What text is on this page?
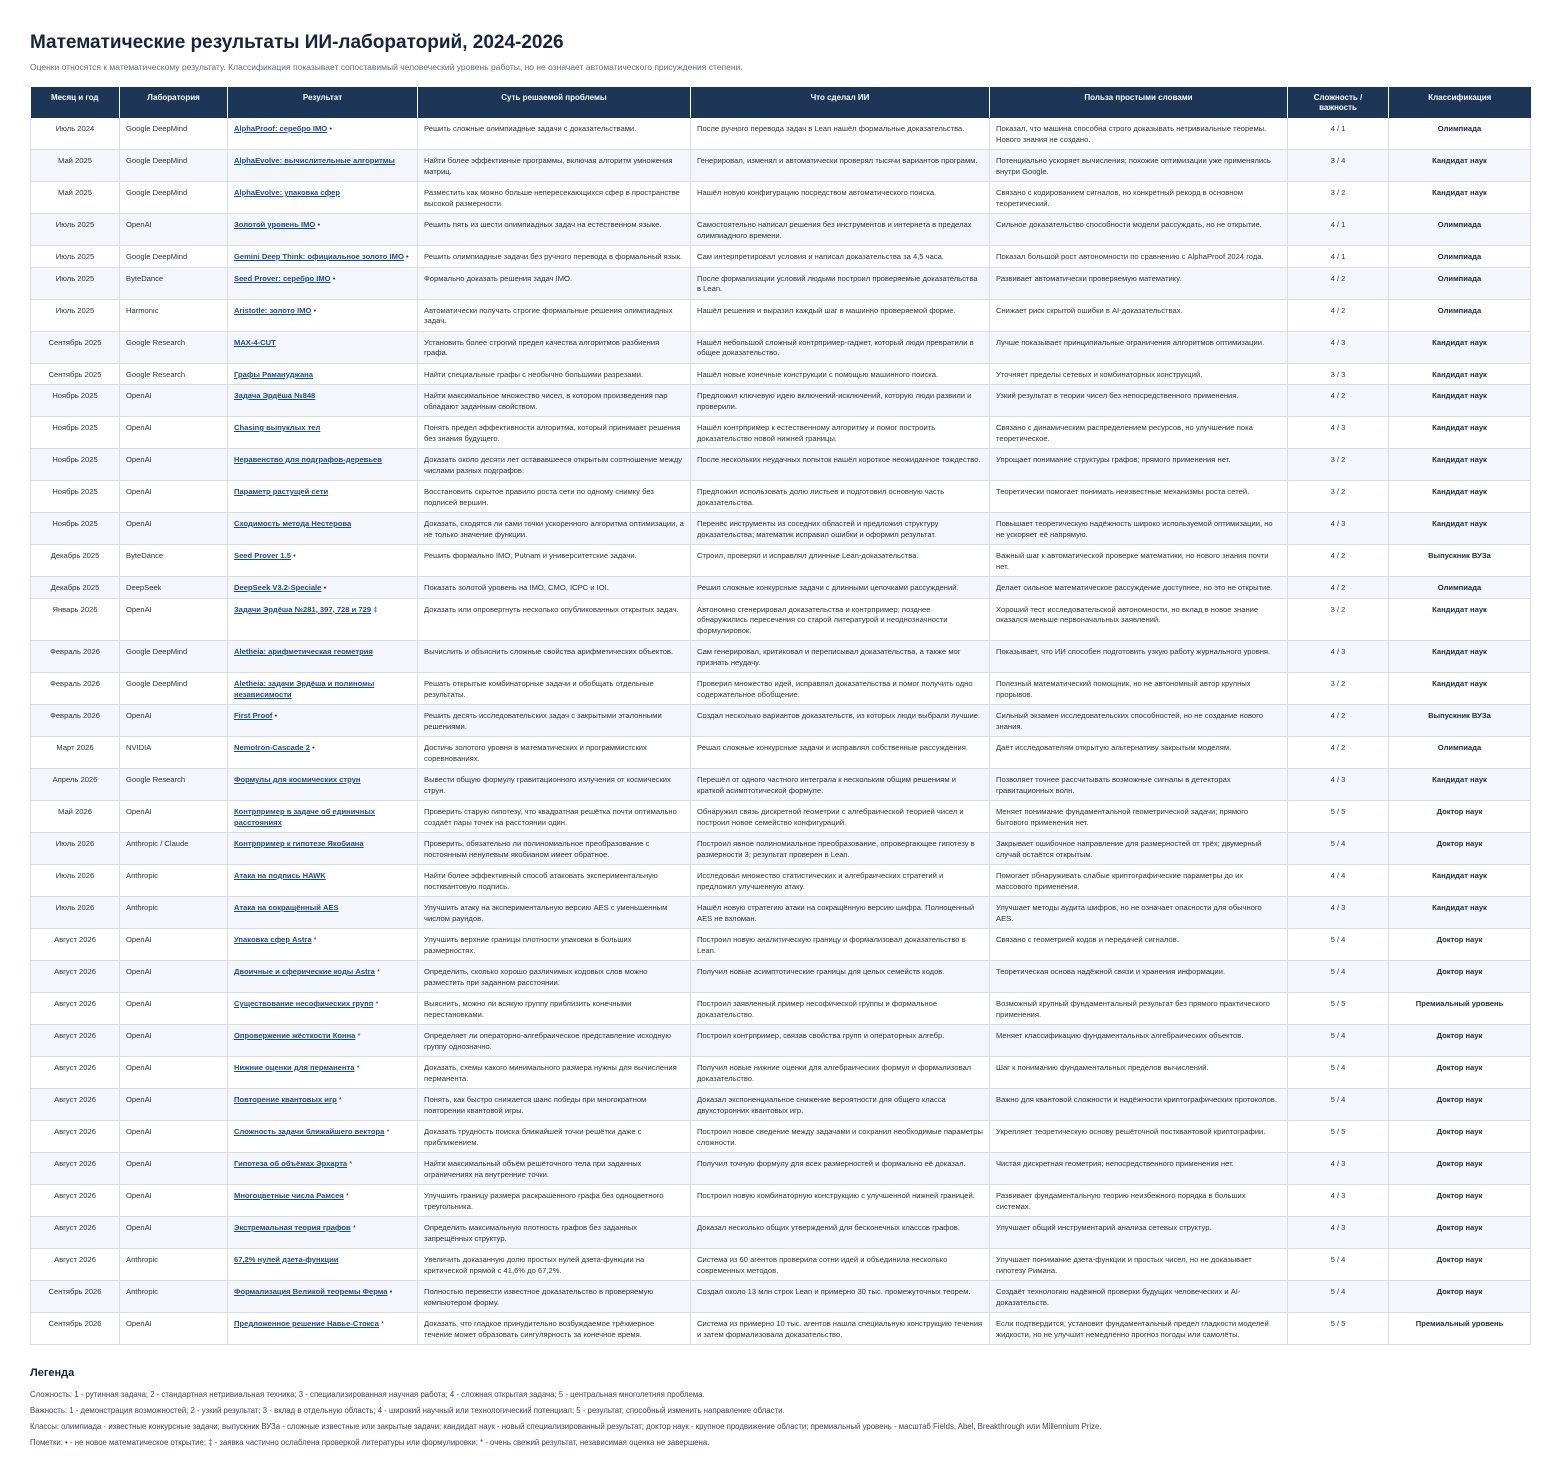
Математические результаты ИИ-лабораторий, 2024-2026

Оценки относятся к математическому результату. Классификация показывает сопоставимый человеческий уровень работы, но не означает автоматического присуждения степени.

Месяц и год	Лаборатория	Результат	Суть решаемой проблемы	Что сделал ИИ	Польза простыми словами	Сложность / важность	Классификация
Июль 2024	Google DeepMind	AlphaProof: серебро IMO •	Решить сложные олимпиадные задачи с доказательствами.	После ручного перевода задач в Lean нашёл формальные доказательства.	Показал, что машина способна строго доказывать нетривиальные теоремы. Нового знания не создано.	4 / 1	Олимпиада
Май 2025	Google DeepMind	AlphaEvolve: вычислительные алгоритмы	Найти более эффективные программы, включая алгоритм умножения матриц.	Генерировал, изменял и автоматически проверял тысячи вариантов программ.	Потенциально ускоряет вычисления; похожие оптимизации уже применялись внутри Google.	3 / 4	Кандидат наук
Май 2025	Google DeepMind	AlphaEvolve: упаковка сфер	Разместить как можно больше непересекающихся сфер в пространстве высокой размерности.	Нашёл новую конфигурацию посредством автоматического поиска.	Связано с кодированием сигналов, но конкретный рекорд в основном теоретический.	3 / 2	Кандидат наук
Июль 2025	OpenAI	Золотой уровень IMO •	Решить пять из шести олимпиадных задач на естественном языке.	Самостоятельно написал решения без инструментов и интернета в пределах олимпиадного времени.	Сильное доказательство способности модели рассуждать, но не открытие.	4 / 1	Олимпиада
Июль 2025	Google DeepMind	Gemini Deep Think: официальное золото IMO •	Решить олимпиадные задачи без ручного перевода в формальный язык.	Сам интерпретировал условия и написал доказательства за 4,5 часа.	Показал большой рост автономности по сравнению с AlphaProof 2024 года.	4 / 1	Олимпиада
Июль 2025	ByteDance	Seed Prover: серебро IMO •	Формально доказать решения задач IMO.	После формализации условий людьми построил проверяемые доказательства в Lean.	Развивает автоматически проверяемую математику.	4 / 2	Олимпиада
Июль 2025	Harmonic	Aristotle: золото IMO •	Автоматически получать строгие формальные решения олимпиадных задач.	Нашёл решения и выразил каждый шаг в машинно проверяемой форме.	Снижает риск скрытой ошибки в AI-доказательствах.	4 / 2	Олимпиада
Сентябрь 2025	Google Research	MAX-4-CUT	Установить более строгий предел качества алгоритмов разбиения графа.	Нашёл небольшой сложный контрпример-гаджет, который люди превратили в общее доказательство.	Лучше показывает принципиальные ограничения алгоритмов оптимизации.	4 / 3	Кандидат наук
Сентябрь 2025	Google Research	Графы Рамануджана	Найти специальные графы с необычно большими разрезами.	Нашёл новые конечные конструкции с помощью машинного поиска.	Уточняет пределы сетевых и комбинаторных конструкций.	3 / 3	Кандидат наук
Ноябрь 2025	OpenAI	Задача Эрдёша №848	Найти максимальное множество чисел, в котором произведения пар обладают заданным свойством.	Предложил ключевую идею включений-исключений, которую люди развили и проверили.	Узкий результат в теории чисел без непосредственного применения.	4 / 2	Кандидат наук
Ноябрь 2025	OpenAI	Chasing выпуклых тел	Понять предел эффективности алгоритма, который принимает решения без знания будущего.	Нашёл контрпример к естественному алгоритму и помог построить доказательство новой нижней границы.	Связано с динамическим распределением ресурсов, но улучшение пока теоретическое.	4 / 3	Кандидат наук
Ноябрь 2025	OpenAI	Неравенство для подграфов-деревьев	Доказать около десяти лет остававшееся открытым соотношение между числами разных подграфов.	После нескольких неудачных попыток нашёл короткое неожиданное тождество.	Упрощает понимание структуры графов; прямого применения нет.	3 / 2	Кандидат наук
Ноябрь 2025	OpenAI	Параметр растущей сети	Восстановить скрытое правило роста сети по одному снимку без подписей вершин.	Предложил использовать долю листьев и подготовил основную часть доказательства.	Теоретически помогает понимать неизвестные механизмы роста сетей.	3 / 2	Кандидат наук
Ноябрь 2025	OpenAI	Сходимость метода Нестерова	Доказать, сходятся ли сами точки ускоренного алгоритма оптимизации, а не только значение функции.	Перенёс инструменты из соседних областей и предложил структуру доказательства; математик исправил ошибки и оформил результат.	Повышает теоретическую надёжность широко используемой оптимизации, но не ускоряет её напрямую.	4 / 3	Кандидат наук
Декабрь 2025	ByteDance	Seed Prover 1.5 •	Решить формально IMO, Putnam и университетские задачи.	Строил, проверял и исправлял длинные Lean-доказательства.	Важный шаг к автоматической проверке математики, но нового знания почти нет.	4 / 2	Выпускник ВУЗа
Декабрь 2025	DeepSeek	DeepSeek V3.2-Speciale •	Показать золотой уровень на IMO, CMO, ICPC и IOI.	Решил сложные конкурсные задачи с длинными цепочками рассуждений.	Делает сильное математическое рассуждение доступнее, но это не открытие.	4 / 2	Олимпиада
Январь 2026	OpenAI	Задачи Эрдёша №281, 397, 728 и 729 ‡	Доказать или опровергнуть несколько опубликованных открытых задач.	Автономно сгенерировал доказательства и контрпример; позднее обнаружились пересечения со старой литературой и неоднозначности формулировок.	Хороший тест исследовательской автономности, но вклад в новое знание оказался меньше первоначальных заявлений.	3 / 2	Кандидат наук
Февраль 2026	Google DeepMind	Aletheia: арифметическая геометрия	Вычислить и объяснить сложные свойства арифметических объектов.	Сам генерировал, критиковал и переписывал доказательства, а также мог признать неудачу.	Показывает, что ИИ способен подготовить узкую работу журнального уровня.	4 / 3	Кандидат наук
Февраль 2026	Google DeepMind	Aletheia: задачи Эрдёша и полиномы независимости	Решать открытые комбинаторные задачи и обобщать отдельные результаты.	Проверил множество идей, исправлял доказательства и помог получить одно содержательное обобщение.	Полезный математический помощник, но не автономный автор крупных прорывов.	3 / 2	Кандидат наук
Февраль 2026	OpenAI	First Proof •	Решить десять исследовательских задач с закрытыми эталонными решениями.	Создал несколько вариантов доказательств, из которых люди выбрали лучшие.	Сильный экзамен исследовательских способностей, но не создание нового знания.	4 / 2	Выпускник ВУЗа
Март 2026	NVIDIA	Nemotron-Cascade 2 •	Достичь золотого уровня в математических и программистских соревнованиях.	Решал сложные конкурсные задачи и исправлял собственные рассуждения.	Даёт исследователям открытую альтернативу закрытым моделям.	4 / 2	Олимпиада
Апрель 2026	Google Research	Формулы для космических струн	Вывести общую формулу гравитационного излучения от космических струн.	Перешёл от одного частного интеграла к нескольким общим решениям и краткой асимптотической формуле.	Позволяет точнее рассчитывать возможные сигналы в детекторах гравитационных волн.	4 / 3	Кандидат наук
Май 2026	OpenAI	Контрпример в задаче об единичных расстояниях	Проверить старую гипотезу, что квадратная решётка почти оптимально создаёт пары точек на расстоянии один.	Обнаружил связь дискретной геометрии с алгебраической теорией чисел и построил новое семейство конфигураций.	Меняет понимание фундаментальной геометрической задачи; прямого бытового применения нет.	5 / 5	Доктор наук
Июль 2026	Anthropic / Claude	Контрпример к гипотезе Якобиана	Проверить, обязательно ли полиномиальное преобразование с постоянным ненулевым якобианом имеет обратное.	Построил явное полиномиальное преобразование, опровергающее гипотезу в размерности 3; результат проверен в Lean.	Закрывает ошибочное направление для размерностей от трёх; двумерный случай остаётся открытым.	5 / 4	Доктор наук
Июль 2026	Anthropic	Атака на подпись HAWK	Найти более эффективный способ атаковать экспериментальную постквантовую подпись.	Исследовал множество статистических и алгебраических стратегий и предложил улучшенную атаку.	Помогает обнаруживать слабые криптографические параметры до их массового применения.	4 / 4	Кандидат наук
Июль 2026	Anthropic	Атака на сокращённый AES	Улучшить атаку на экспериментальную версию AES с уменьшенным числом раундов.	Нашёл новую стратегию атаки на сокращённую версию шифра. Полноценный AES не взломан.	Улучшает методы аудита шифров, но не означает опасности для обычного AES.	4 / 3	Кандидат наук
Август 2026	OpenAI	Упаковка сфер Astra *	Улучшить верхние границы плотности упаковки в больших размерностях.	Построил новую аналитическую границу и формализовал доказательство в Lean.	Связано с геометрией кодов и передачей сигналов.	5 / 4	Доктор наук
Август 2026	OpenAI	Двоичные и сферические коды Astra *	Определить, сколько хорошо различимых кодовых слов можно разместить при заданном расстоянии.	Получил новые асимптотические границы для целых семейств кодов.	Теоретическая основа надёжной связи и хранения информации.	5 / 4	Доктор наук
Август 2026	OpenAI	Существование несофических групп *	Выяснить, можно ли всякую группу приблизить конечными перестановками.	Построил заявленный пример несофической группы и формальное доказательство.	Возможный крупный фундаментальный результат без прямого практического применения.	5 / 5	Премиальный уровень
Август 2026	OpenAI	Опровержение жёсткости Конна *	Определяет ли операторно-алгебраическое представление исходную группу однозначно.	Построил контрпример, связав свойства групп и операторных алгебр.	Меняет классификацию фундаментальных алгебраических объектов.	5 / 4	Доктор наук
Август 2026	OpenAI	Нижние оценки для перманента *	Доказать, схемы какого минимального размера нужны для вычисления перманента.	Получил новые нижние оценки для алгебраических формул и формализовал доказательство.	Шаг к пониманию фундаментальных пределов вычислений.	5 / 4	Доктор наук
Август 2026	OpenAI	Повторение квантовых игр *	Понять, как быстро снижается шанс победы при многократном повторении квантовой игры.	Доказал экспоненциальное снижение вероятности для общего класса двухсторонних квантовых игр.	Важно для квантовой сложности и надёжности криптографических протоколов.	5 / 4	Доктор наук
Август 2026	OpenAI	Сложность задачи ближайшего вектора *	Доказать трудность поиска ближайшей точки решётки даже с приближением.	Построил новое сведение между задачами и сохранил необходимые параметры сложности.	Укрепляет теоретическую основу решёточной постквантовой криптографии.	5 / 5	Доктор наук
Август 2026	OpenAI	Гипотеза об объёмах Эрхарта *	Найти максимальный объём решёточного тела при заданных ограничениях на внутренние точки.	Получил точную формулу для всех размерностей и формально её доказал.	Чистая дискретная геометрия; непосредственного применения нет.	4 / 3	Доктор наук
Август 2026	OpenAI	Многоцветные числа Рамсея *	Улучшить границу размера раскрашенного графа без одноцветного треугольника.	Построил новую комбинаторную конструкцию с улучшенной нижней границей.	Развивает фундаментальную теорию неизбежного порядка в больших системах.	4 / 3	Доктор наук
Август 2026	OpenAI	Экстремальная теория графов *	Определить максимальную плотность графов без заданных запрещённых структур.	Доказал несколько общих утверждений для бесконечных классов графов.	Улучшает общий инструментарий анализа сетевых структур.	4 / 3	Доктор наук
Август 2026	Anthropic	67,2% нулей дзета-функции	Увеличить доказанную долю простых нулей дзета-функции на критической прямой с 41,6% до 67,2%.	Система из 60 агентов проверила сотни идей и объединила несколько современных методов.	Улучшает понимание дзета-функции и простых чисел, но не доказывает гипотезу Римана.	5 / 4	Доктор наук
Сентябрь 2026	Anthropic	Формализация Великой теоремы Ферма •	Полностью перевести известное доказательство в проверяемую компьютером форму.	Создал около 13 млн строк Lean и примерно 30 тыс. промежуточных теорем.	Создаёт технологию надёжной проверки будущих человеческих и AI-доказательств.	5 / 4	Доктор наук
Сентябрь 2026	OpenAI	Предложенное решение Навье-Стокса *	Доказать, что гладкое принудительно возбуждаемое трёхмерное течение может образовать сингулярность за конечное время.	Система из примерно 10 тыс. агентов нашла специальную конструкцию течения и затем формализовала доказательство.	Если подтвердится, установит фундаментальный предел гладкости моделей жидкости, но не улучшит немедленно прогноз погоды или самолёты.	5 / 5	Премиальный уровень
Легенда
Сложность: 1 - рутинная задача; 2 - стандартная нетривиальная техника; 3 - специализированная научная работа; 4 - сложная открытая задача; 5 - центральная многолетняя проблема.
Важность: 1 - демонстрация возможностей; 2 - узкий результат; 3 - вклад в отдельную область; 4 - широкий научный или технологический потенциал; 5 - результат, способный изменить направление области.
Классы: олимпиада - известные конкурсные задачи; выпускник ВУЗа - сложные известные или закрытые задачи; кандидат наук - новый специализированный результат; доктор наук - крупное продвижение области; премиальный уровень - масштаб Fields, Abel, Breakthrough или Millennium Prize.
Пометки: • - не новое математическое открытие; ‡ - заявка частично ослаблена проверкой литературы или формулировки; * - очень свежий результат, независимая оценка не завершена.
